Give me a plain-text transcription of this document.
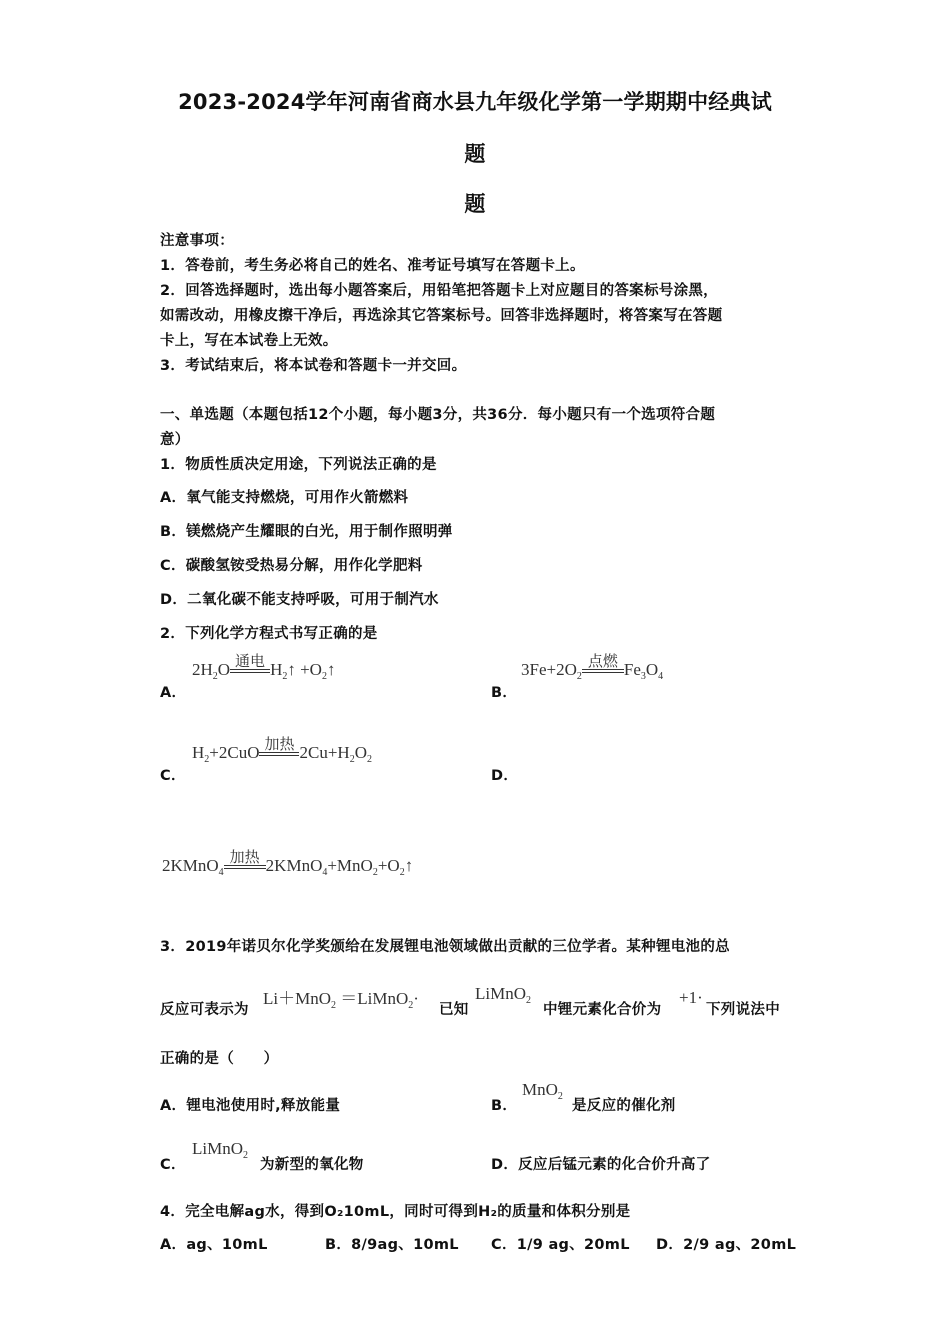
2023-2024学年河南省商水县九年级化学第一学期期中经典试
题
题
注意事项：
1．答卷前，考生务必将自己的姓名、准考证号填写在答题卡上。
2．回答选择题时，选出每小题答案后，用铅笔把答题卡上对应题目的答案标号涂黑，
如需改动，用橡皮擦干净后，再选涂其它答案标号。回答非选择题时，将答案写在答题
卡上，写在本试卷上无效。
3．考试结束后，将本试卷和答题卡一并交回。
一、单选题（本题包括12个小题，每小题3分，共36分．每小题只有一个选项符合题
意）
1．物质性质决定用途，下列说法正确的是
A．氧气能支持燃烧，可用作火箭燃料
B．镁燃烧产生耀眼的白光，用于制作照明弹
C．碳酸氢铵受热易分解，用作化学肥料
D．二氧化碳不能支持呼吸，可用于制汽水
2．下列化学方程式书写正确的是
A．
$2H_2O$ 通电 $H_2↑$ $+O_2↑$
B．
$3Fe+2O_2$
点燃 $Fe_3O_4$
C．
$H_2+2CuO$ 加热 $2Cu+H_2O_2$
D．
2KMnO$_4$
加热 $2KMnO_4+MnO_2+O_2↑$
3．2019年诺贝尔化学奖颁给在发展锂电池领域做出贡献的三位学者。某种锂电池的总
反应可表示为
Li＋MnO$_2$ ＝LiMnO$_2$·
已知
LiMnO$_2$
中锂元素化合价为
+1·
下列说法中
正确的是（　　）
A．锂电池使用时,释放能量	B．
MnO$_2$
是反应的催化剂
C．
LiMnO$_2$
为新型的氧化物	D．反应后锰元素的化合价升高了
4．完全电解ag水，得到O₂10mL，同时可得到H₂的质量和体积分别是
A．ag、10mL	B．8/9ag、10mL C．1/9 ag、20mL D．2/9 ag、20mL
